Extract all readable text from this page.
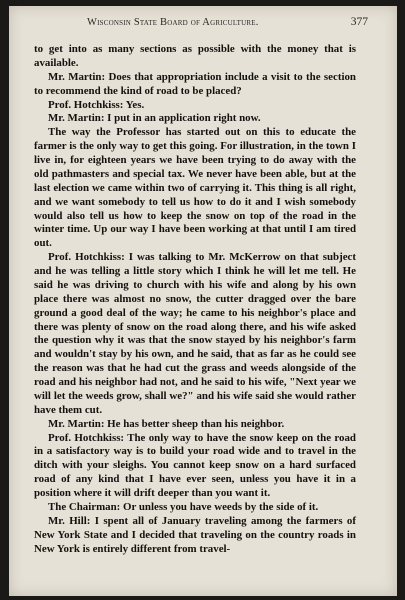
Wisconsin State Board of Agriculture.	377

to get into as many sections as possible with the money that is available.

Mr. Martin: Does that appropriation include a visit to the section to recommend the kind of road to be placed?

Prof. Hotchkiss: Yes.

Mr. Martin: I put in an application right now.

The way the Professor has started out on this to educate the farmer is the only way to get this going. For illustration, in the town I live in, for eighteen years we have been trying to do away with the old pathmasters and special tax. We never have been able, but at the last election we came within two of carrying it. This thing is all right, and we want somebody to tell us how to do it and I wish somebody would also tell us how to keep the snow on top of the road in the winter time. Up our way I have been working at that until I am tired out.

Prof. Hotchkiss: I was talking to Mr. McKerrow on that subject and he was telling a little story which I think he will let me tell. He said he was driving to church with his wife and along by his own place there was almost no snow, the cutter dragged over the bare ground a good deal of the way; he came to his neighbor's place and there was plenty of snow on the road along there, and his wife asked the question why it was that the snow stayed by his neighbor's farm and wouldn't stay by his own, and he said, that as far as he could see the reason was that he had cut the grass and weeds alongside of the road and his neighbor had not, and he said to his wife, "Next year we will let the weeds grow, shall we?" and his wife said she would rather have them cut.

Mr. Martin: He has better sheep than his neighbor.

Prof. Hotchkiss: The only way to have the snow keep on the road in a satisfactory way is to build your road wide and to travel in the ditch with your sleighs. You cannot keep snow on a hard surfaced road of any kind that I have ever seen, unless you have it in a position where it will drift deeper than you want it.

The Chairman: Or unless you have weeds by the side of it.

Mr. Hill: I spent all of January traveling among the farmers of New York State and I decided that traveling on the country roads in New York is entirely different from travel-
